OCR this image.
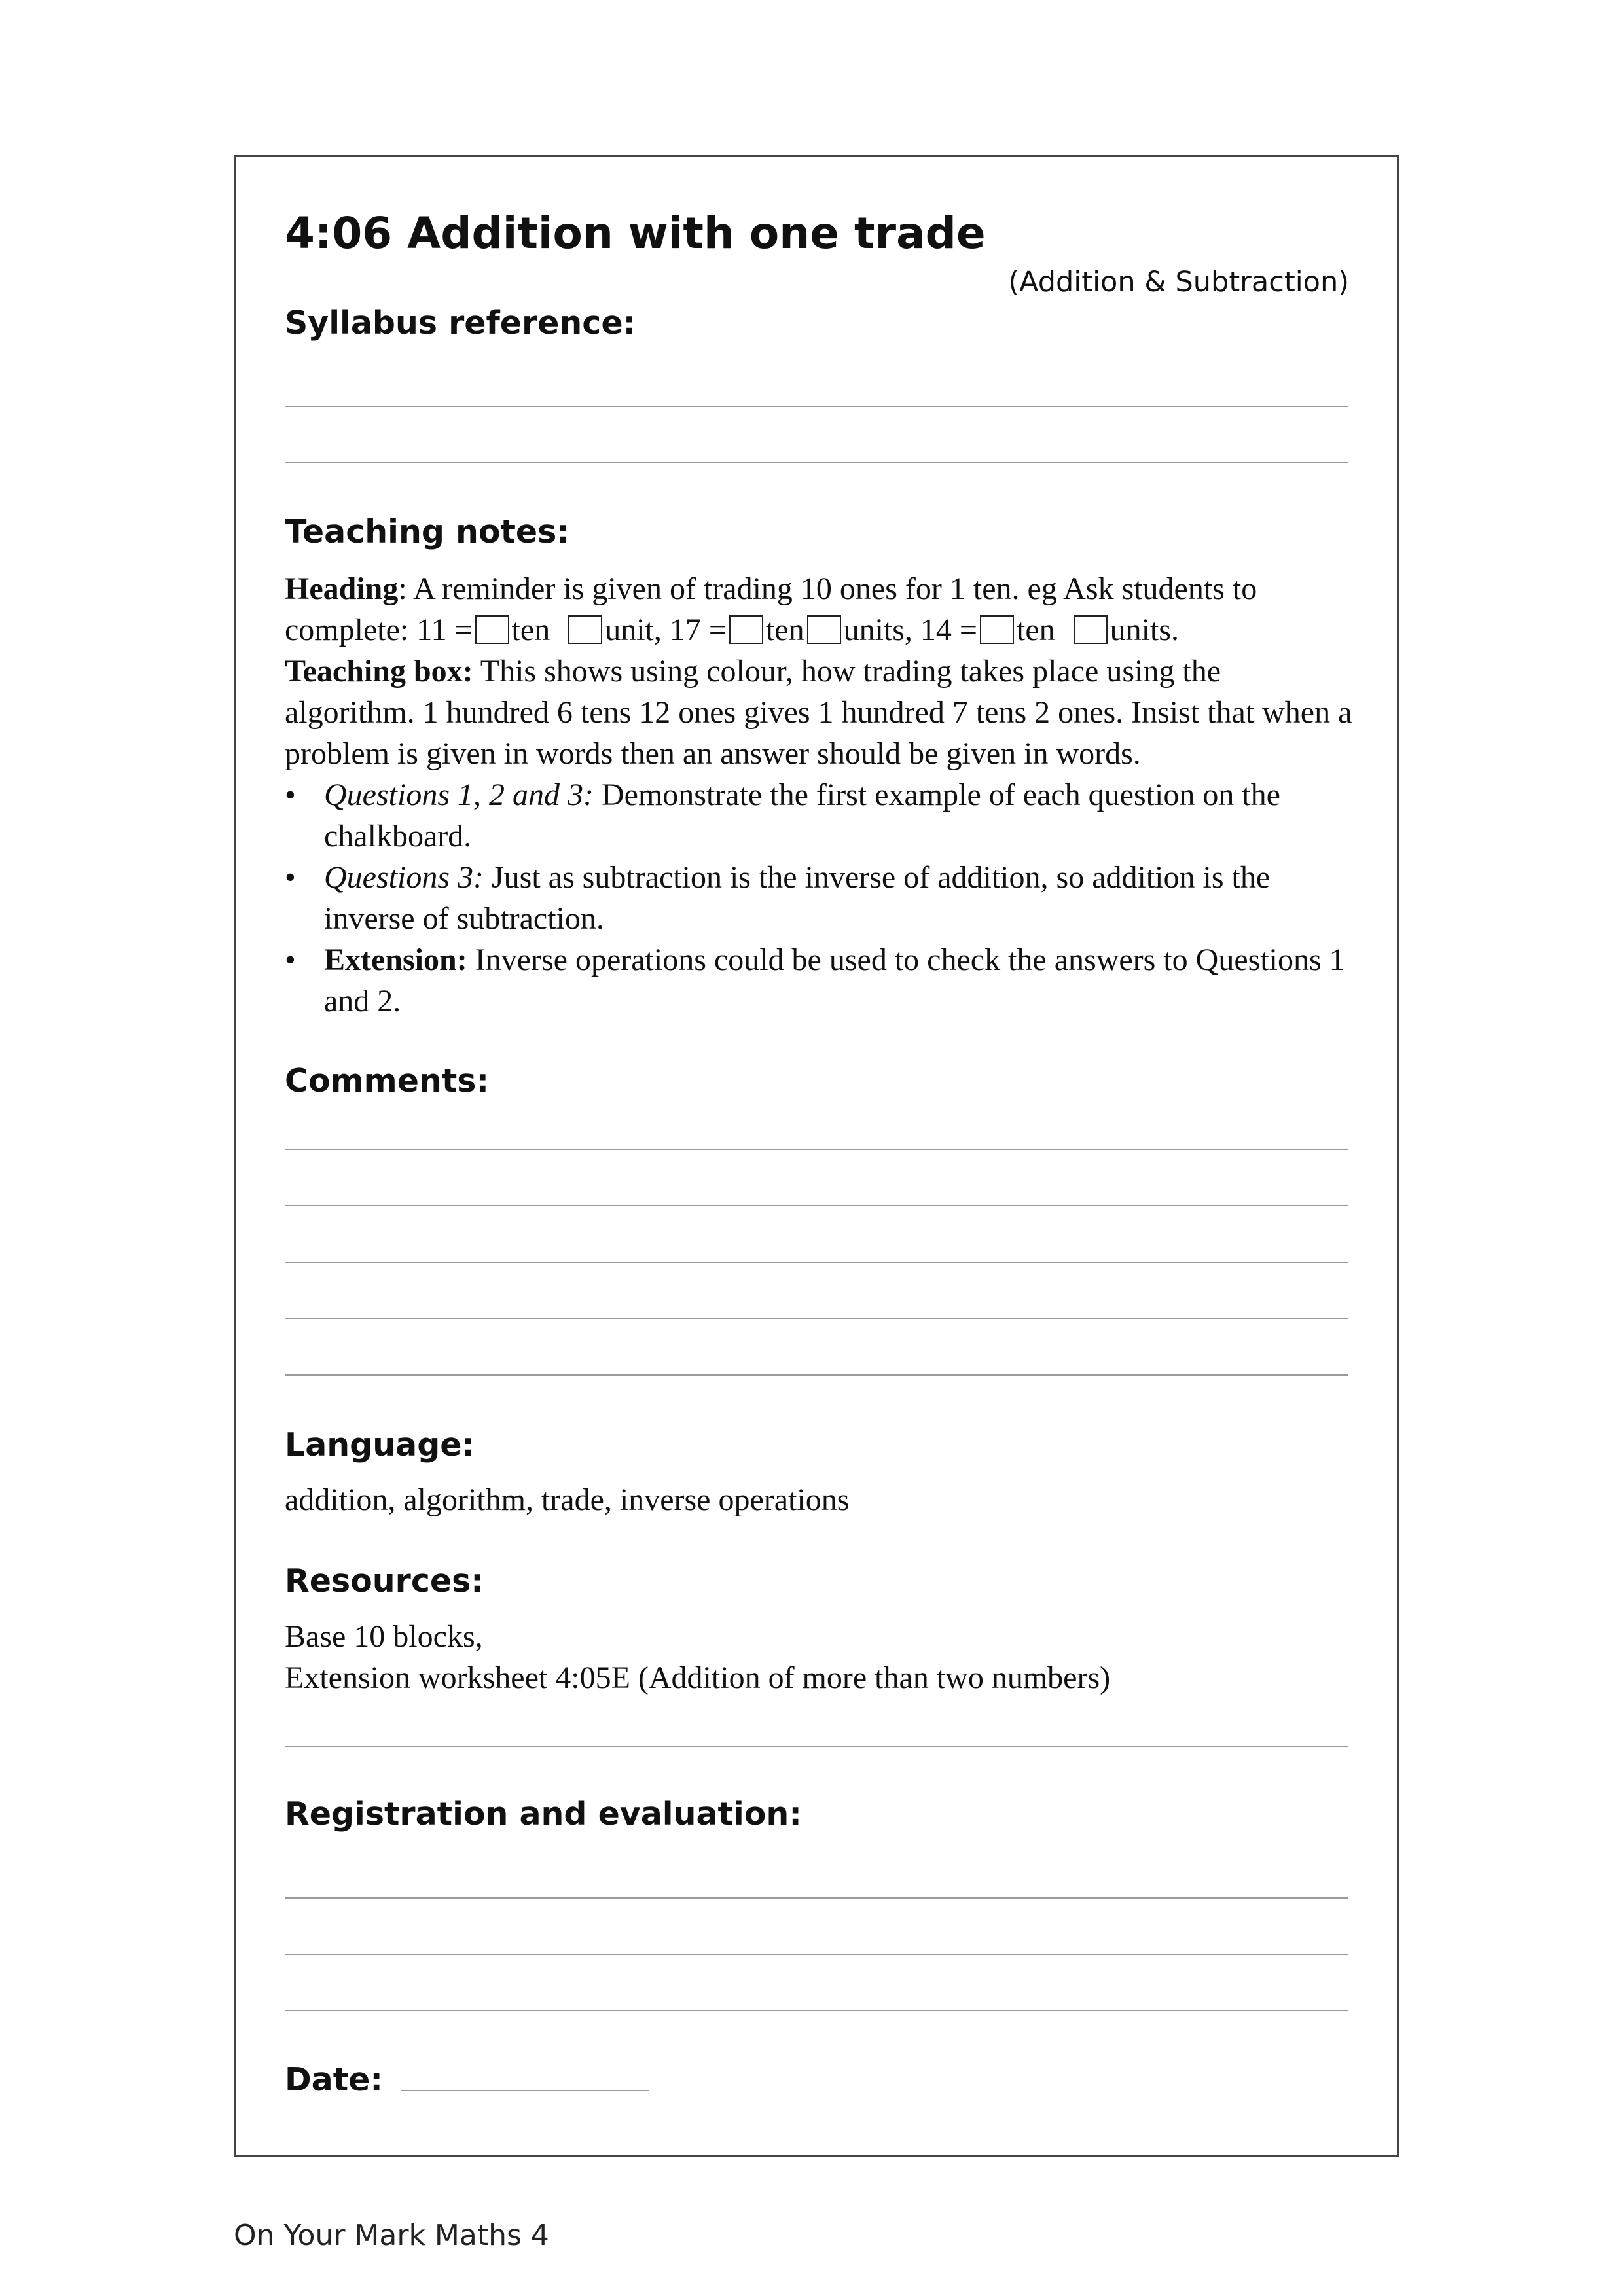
4:06 Addition with one trade
(Addition & Subtraction)
Syllabus reference:
Teaching notes:

Heading: A reminder is given of trading 10 ones for 1 ten. eg Ask students to

complete: 11 = ten unit, 17 = ten units, 14 = ten units.

Teaching box: This shows using colour, how trading takes place using the algorithm. 1 hundred 6 tens 12 ones gives 1 hundred 7 tens 2 ones. Insist that when a problem is given in words then an answer should be given in words.

• Questions 1, 2 and 3: Demonstrate the first example of each question on the chalkboard.
• Questions 3: Just as subtraction is the inverse of addition, so addition is the inverse of subtraction.
• Extension: Inverse operations could be used to check the answers to Questions 1 and 2.
Comments:
Language:
addition, algorithm, trade, inverse operations
Resources:

Base 10 blocks,

Extension worksheet 4:05E (Addition of more than two numbers)

Registration and evaluation:
Date:
On Your Mark Maths 4
